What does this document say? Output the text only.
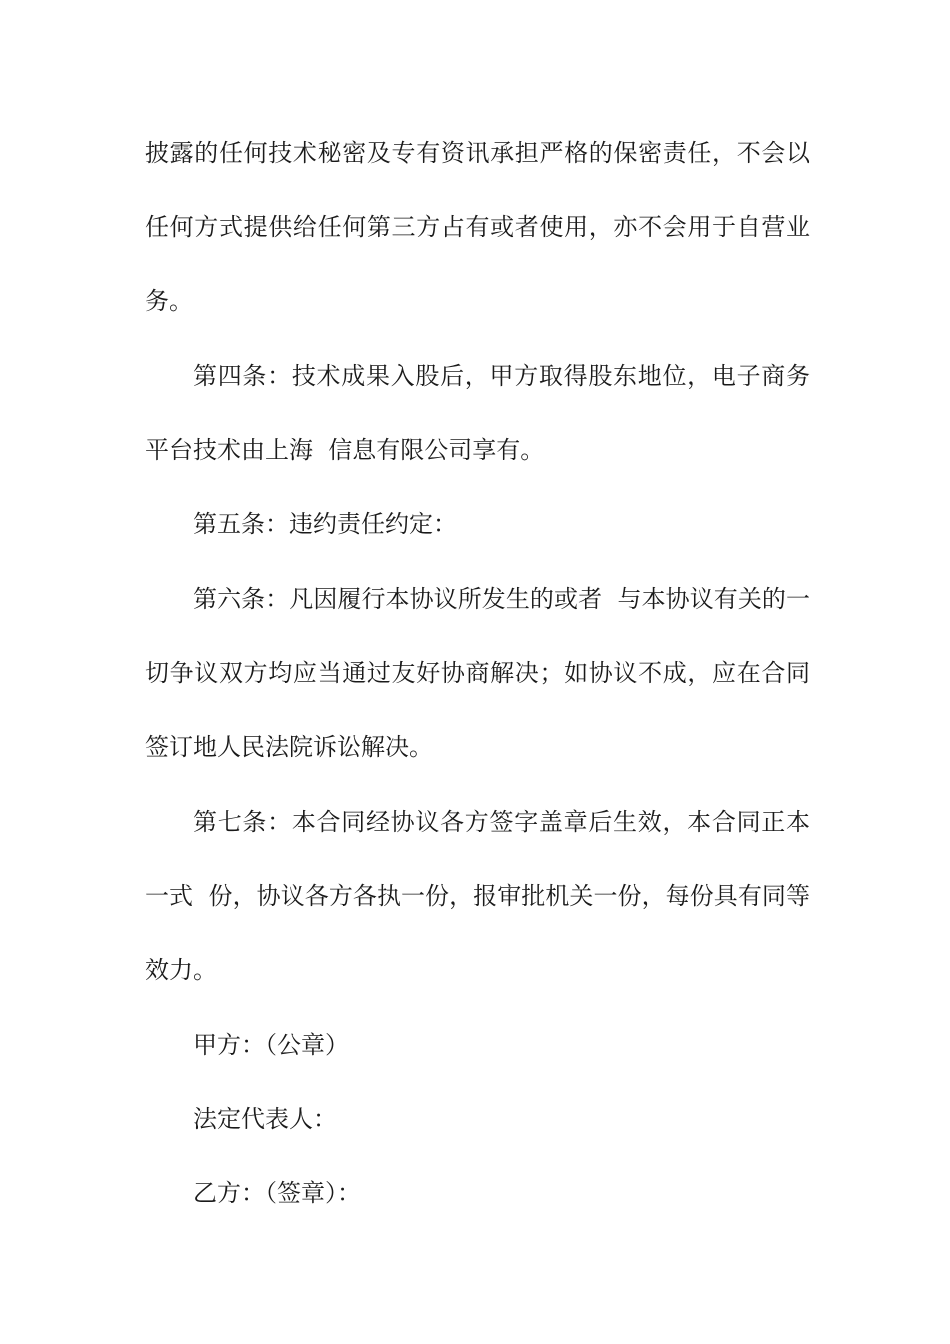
披露的任何技术秘密及专有资讯承担严格的保密责任，不会以
任何方式提供给任何第三方占有或者使用，亦不会用于自营业
务。
第四条：技术成果入股后，甲方取得股东地位，电子商务
平台技术由上海  信息有限公司享有。
第五条：违约责任约定：
第六条：凡因履行本协议所发生的或者  与本协议有关的一
切争议双方均应当通过友好协商解决；如协议不成，应在合同
签订地人民法院诉讼解决。
第七条：本合同经协议各方签字盖章后生效，本合同正本
一式  份，协议各方各执一份，报审批机关一份，每份具有同等
效力。
甲方：（公章）
法定代表人：
乙方：（签章）：
